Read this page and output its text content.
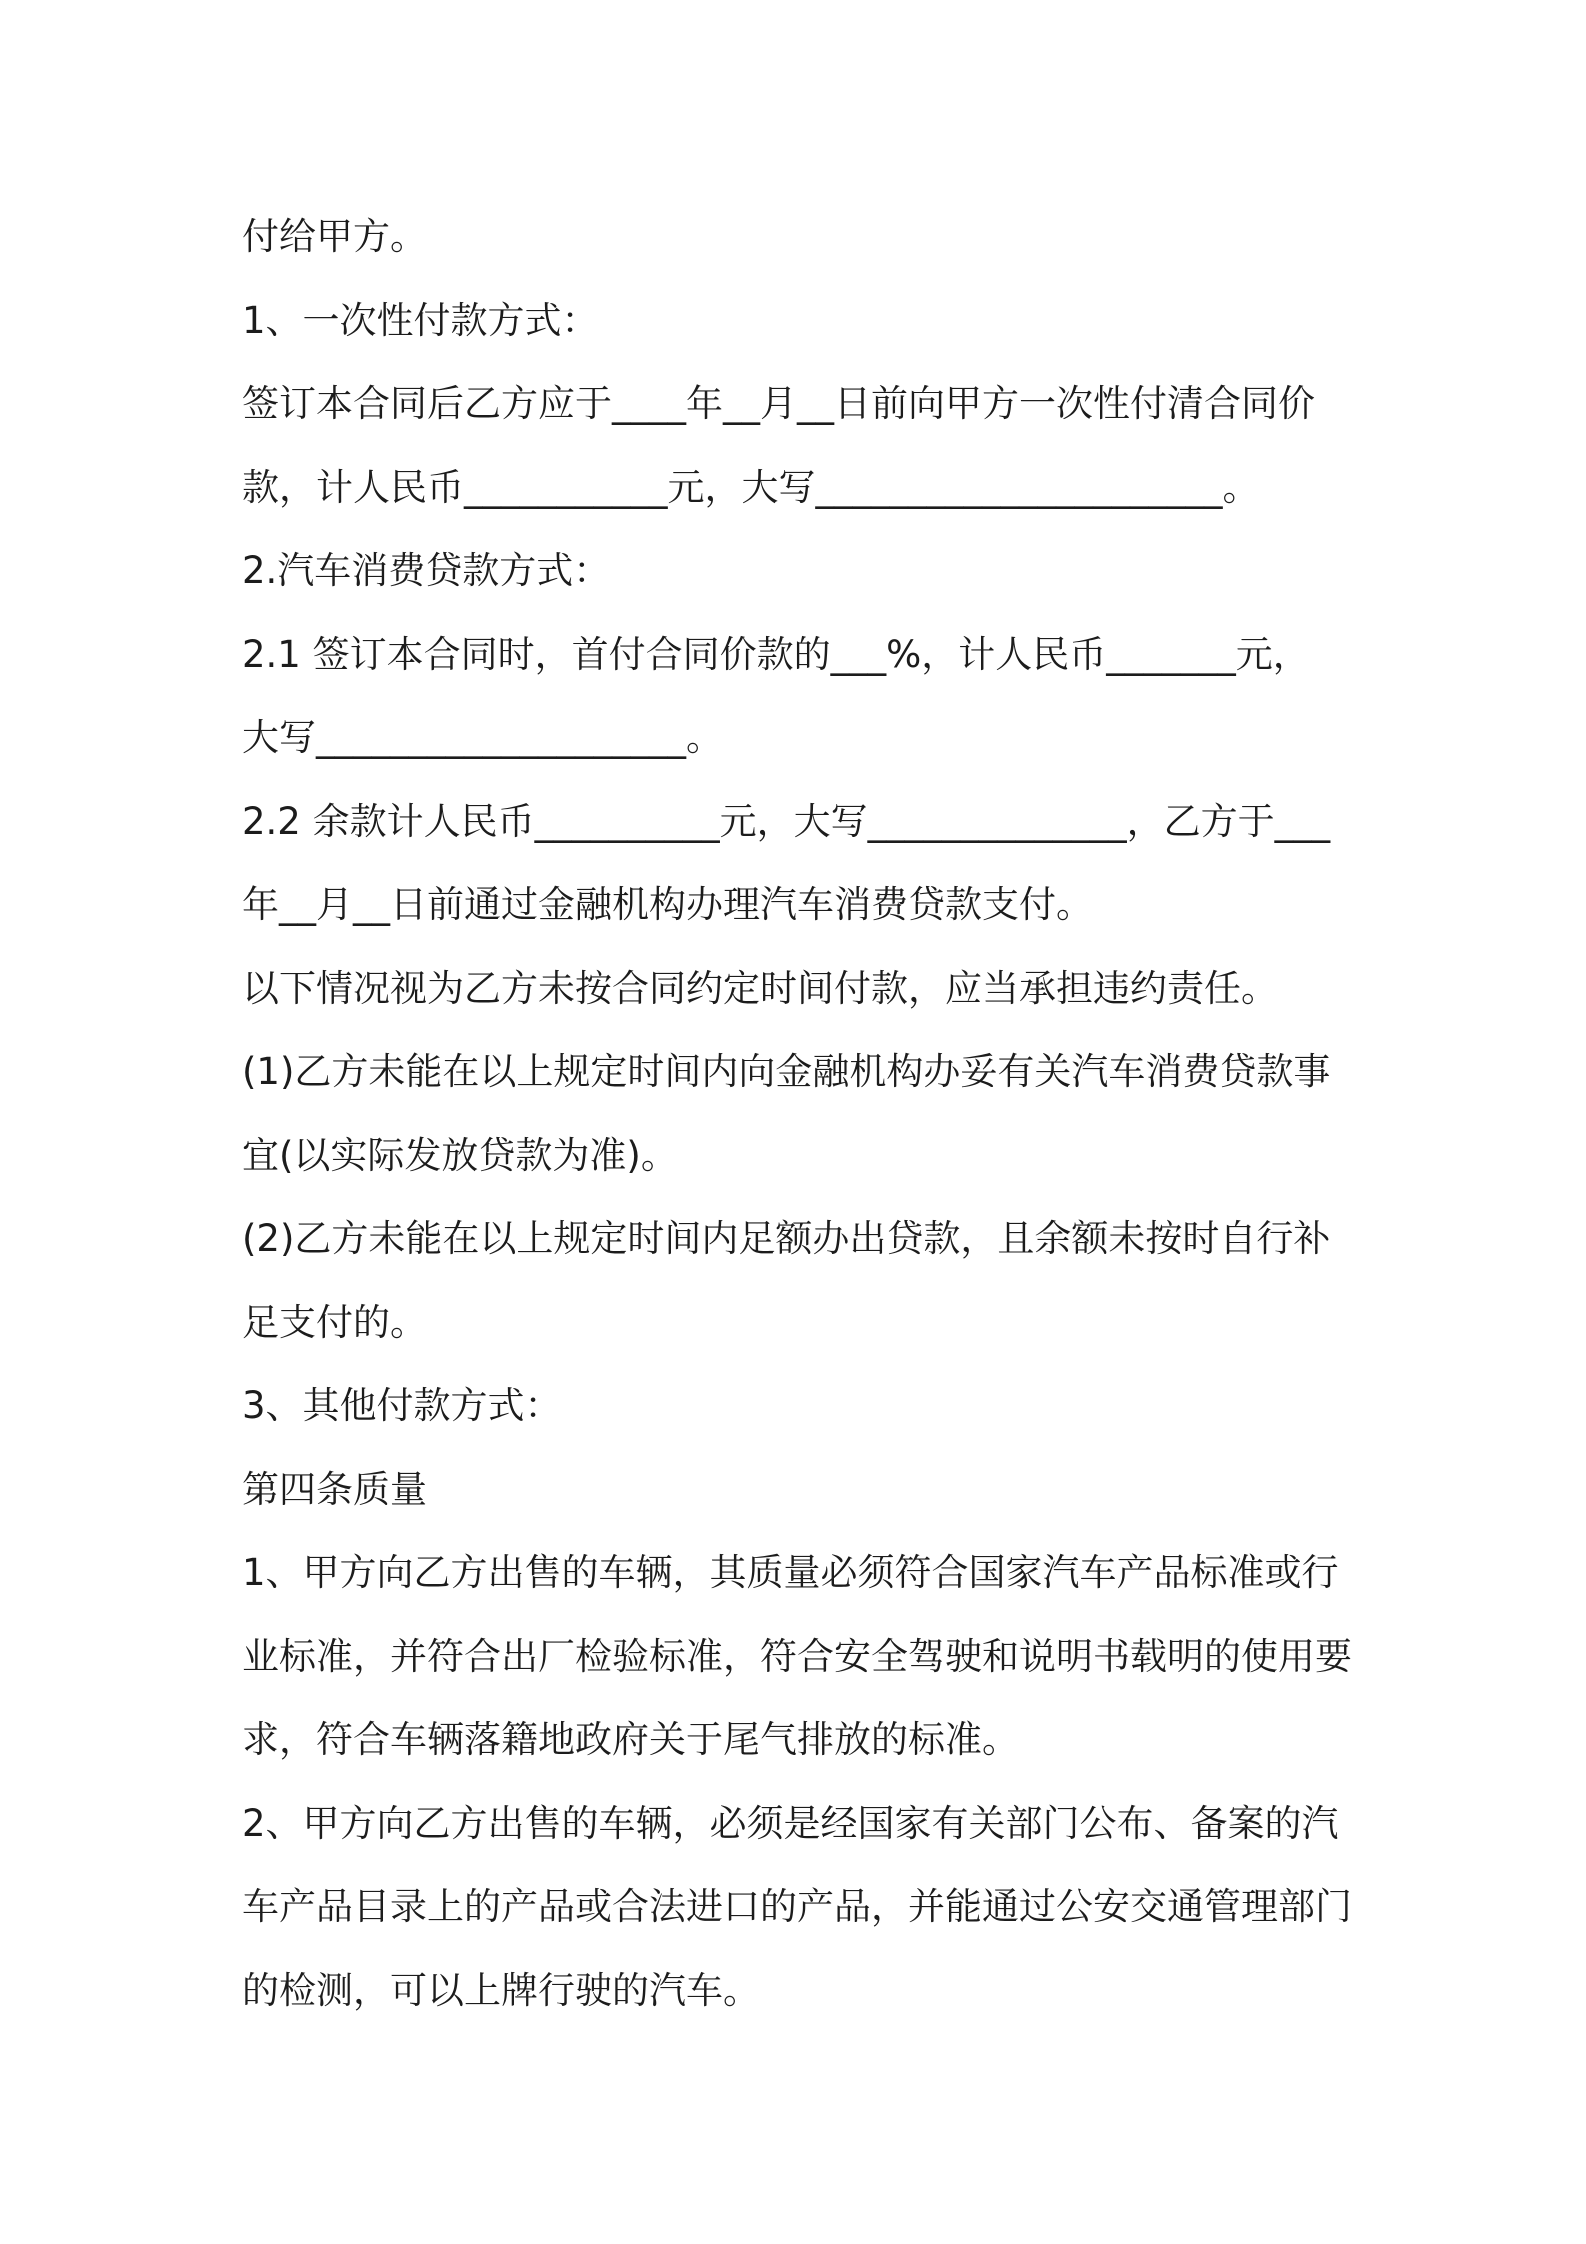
付给甲方。
1、一次性付款方式：
签订本合同后乙方应于____年__月__日前向甲方一次性付清合同价
款，计人民币___________元，大写______________________。
2.汽车消费贷款方式：
2.1 签订本合同时，首付合同价款的___%，计人民币_______元，
大写____________________。
2.2 余款计人民币__________元，大写______________，乙方于___
年__月__日前通过金融机构办理汽车消费贷款支付。
以下情况视为乙方未按合同约定时间付款，应当承担违约责任。
(1)乙方未能在以上规定时间内向金融机构办妥有关汽车消费贷款事
宜(以实际发放贷款为准)。
(2)乙方未能在以上规定时间内足额办出贷款，且余额未按时自行补
足支付的。
3、其他付款方式：
第四条质量
1、甲方向乙方出售的车辆，其质量必须符合国家汽车产品标准或行
业标准，并符合出厂检验标准，符合安全驾驶和说明书载明的使用要
求，符合车辆落籍地政府关于尾气排放的标准。
2、甲方向乙方出售的车辆，必须是经国家有关部门公布、备案的汽
车产品目录上的产品或合法进口的产品，并能通过公安交通管理部门
的检测，可以上牌行驶的汽车。
